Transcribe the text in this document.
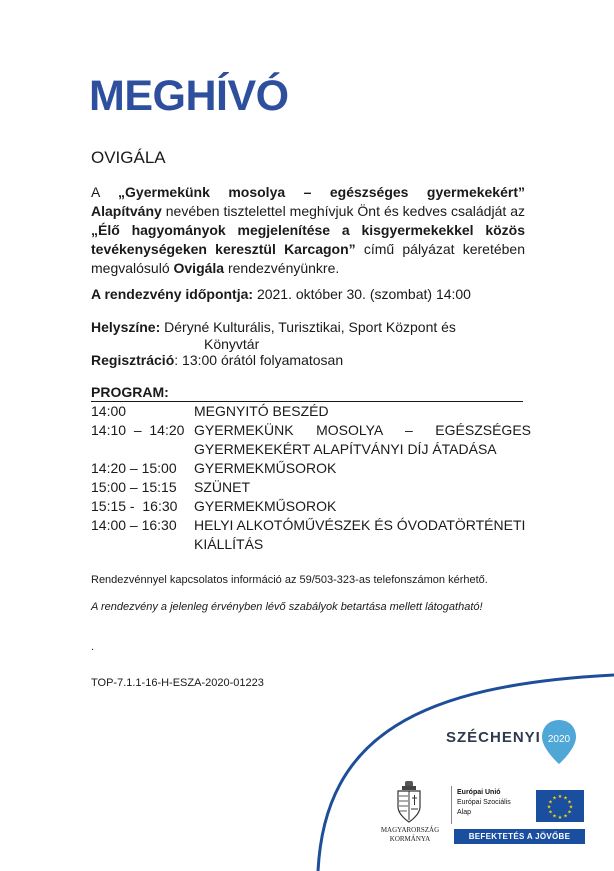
MEGHÍVÓ
OVIGÁLA
A „Gyermekünk mosolya – egészséges gyermekekért” Alapítvány nevében tisztelettel meghívjuk Önt és kedves családját az „Élő hagyományok megjelenítése a kisgyermekekkel közös tevékenységeken keresztül Karcagon” című pályázat keretében megvalósuló Ovigála rendezvényünkre.
A rendezvény időpontja: 2021. október 30. (szombat) 14:00
Helyszíne: Déryné Kulturális, Turisztikai, Sport Központ és
Könyvtár
Regisztráció: 13:00 órától folyamatosan
PROGRAM:
14:00	MEGNYITÓ BESZÉD
14:10  –  14:20 GYERMEKÜNK MOSOLYA – EGÉSZSÉGES GYERMEKEKÉRT ALAPÍTVÁNYI DÍJ ÁTADÁSA
14:20 – 15:00	GYERMEKMŰSOROK
15:00 – 15:15	SZÜNET
15:15 -  16:30	GYERMEKMŰSOROK
14:00 – 16:30	HELYI ALKOTÓMŰVÉSZEK ÉS ÓVODATÖRTÉNETI KIÁLLÍTÁS
Rendezvénnyel kapcsolatos információ az 59/503-323-as telefonszámon kérhető.
A rendezvény a jelenleg érvényben lévő szabályok betartása mellett látogatható!
.
TOP-7.1.1-16-H-ESZA-2020-01223
SZÉCHENYI 2020
MAGYARORSZÁG
KORMÁNYA
Európai Unió
Európai Szociális
Alap
★ ★
★
★
★
★
★
★
★
★
★
★
BEFEKTETÉS A JÖVŐBE
